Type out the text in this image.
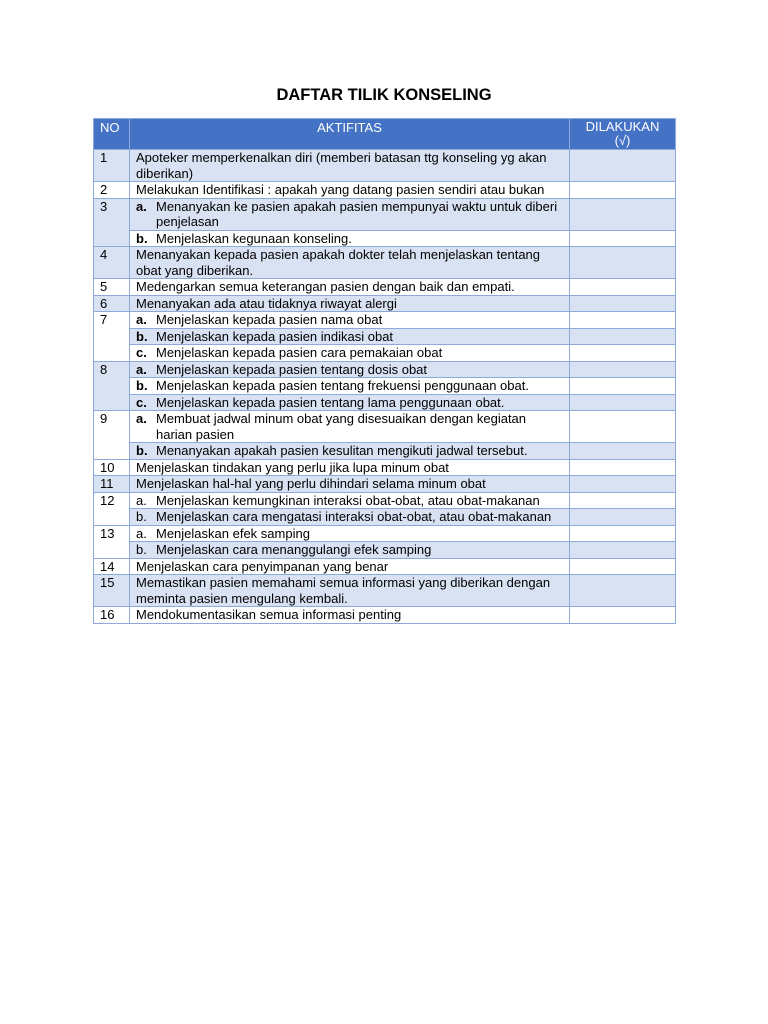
DAFTAR TILIK KONSELING
NO	AKTIFITAS	DILAKUKAN
(√)
1	Apoteker memperkenalkan diri (memberi batasan ttg konseling yg akan diberikan)	
2	Melakukan Identifikasi : apakah yang datang pasien sendiri atau bukan	
3	a. Menanyakan ke pasien apakah pasien mempunyai waktu untuk diberi penjelasan	

	b. Menjelaskan kegunaan konseling.	

4	Menanyakan kepada pasien apakah dokter telah menjelaskan tentang obat yang diberikan.	
5	Medengarkan semua keterangan pasien dengan baik dan empati.	
6	Menanyakan ada atau tidaknya riwayat alergi	
7	a. Menjelaskan kepada pasien nama obat	

	b. Menjelaskan kepada pasien indikasi obat	

	c. Menjelaskan kepada pasien cara pemakaian obat	

8	a. Menjelaskan kepada pasien tentang dosis obat	

	b. Menjelaskan kepada pasien tentang frekuensi penggunaan obat.	

	c. Menjelaskan kepada pasien tentang lama penggunaan obat.	

9	a. Membuat jadwal minum obat yang disesuaikan dengan kegiatan harian pasien	

	b. Menanyakan apakah pasien kesulitan mengikuti jadwal tersebut.	

10	Menjelaskan tindakan yang perlu jika lupa minum obat	
11	Menjelaskan hal-hal yang perlu dihindari selama minum obat	
12	a. Menjelaskan kemungkinan interaksi obat-obat, atau obat-makanan	

	b. Menjelaskan cara mengatasi interaksi obat-obat, atau obat-makanan	

13	a. Menjelaskan efek samping	

	b. Menjelaskan cara menanggulangi efek samping	

14	Menjelaskan cara penyimpanan yang benar	
15	Memastikan pasien memahami semua informasi yang diberikan dengan meminta pasien mengulang kembali.	
16	Mendokumentasikan semua informasi penting	
